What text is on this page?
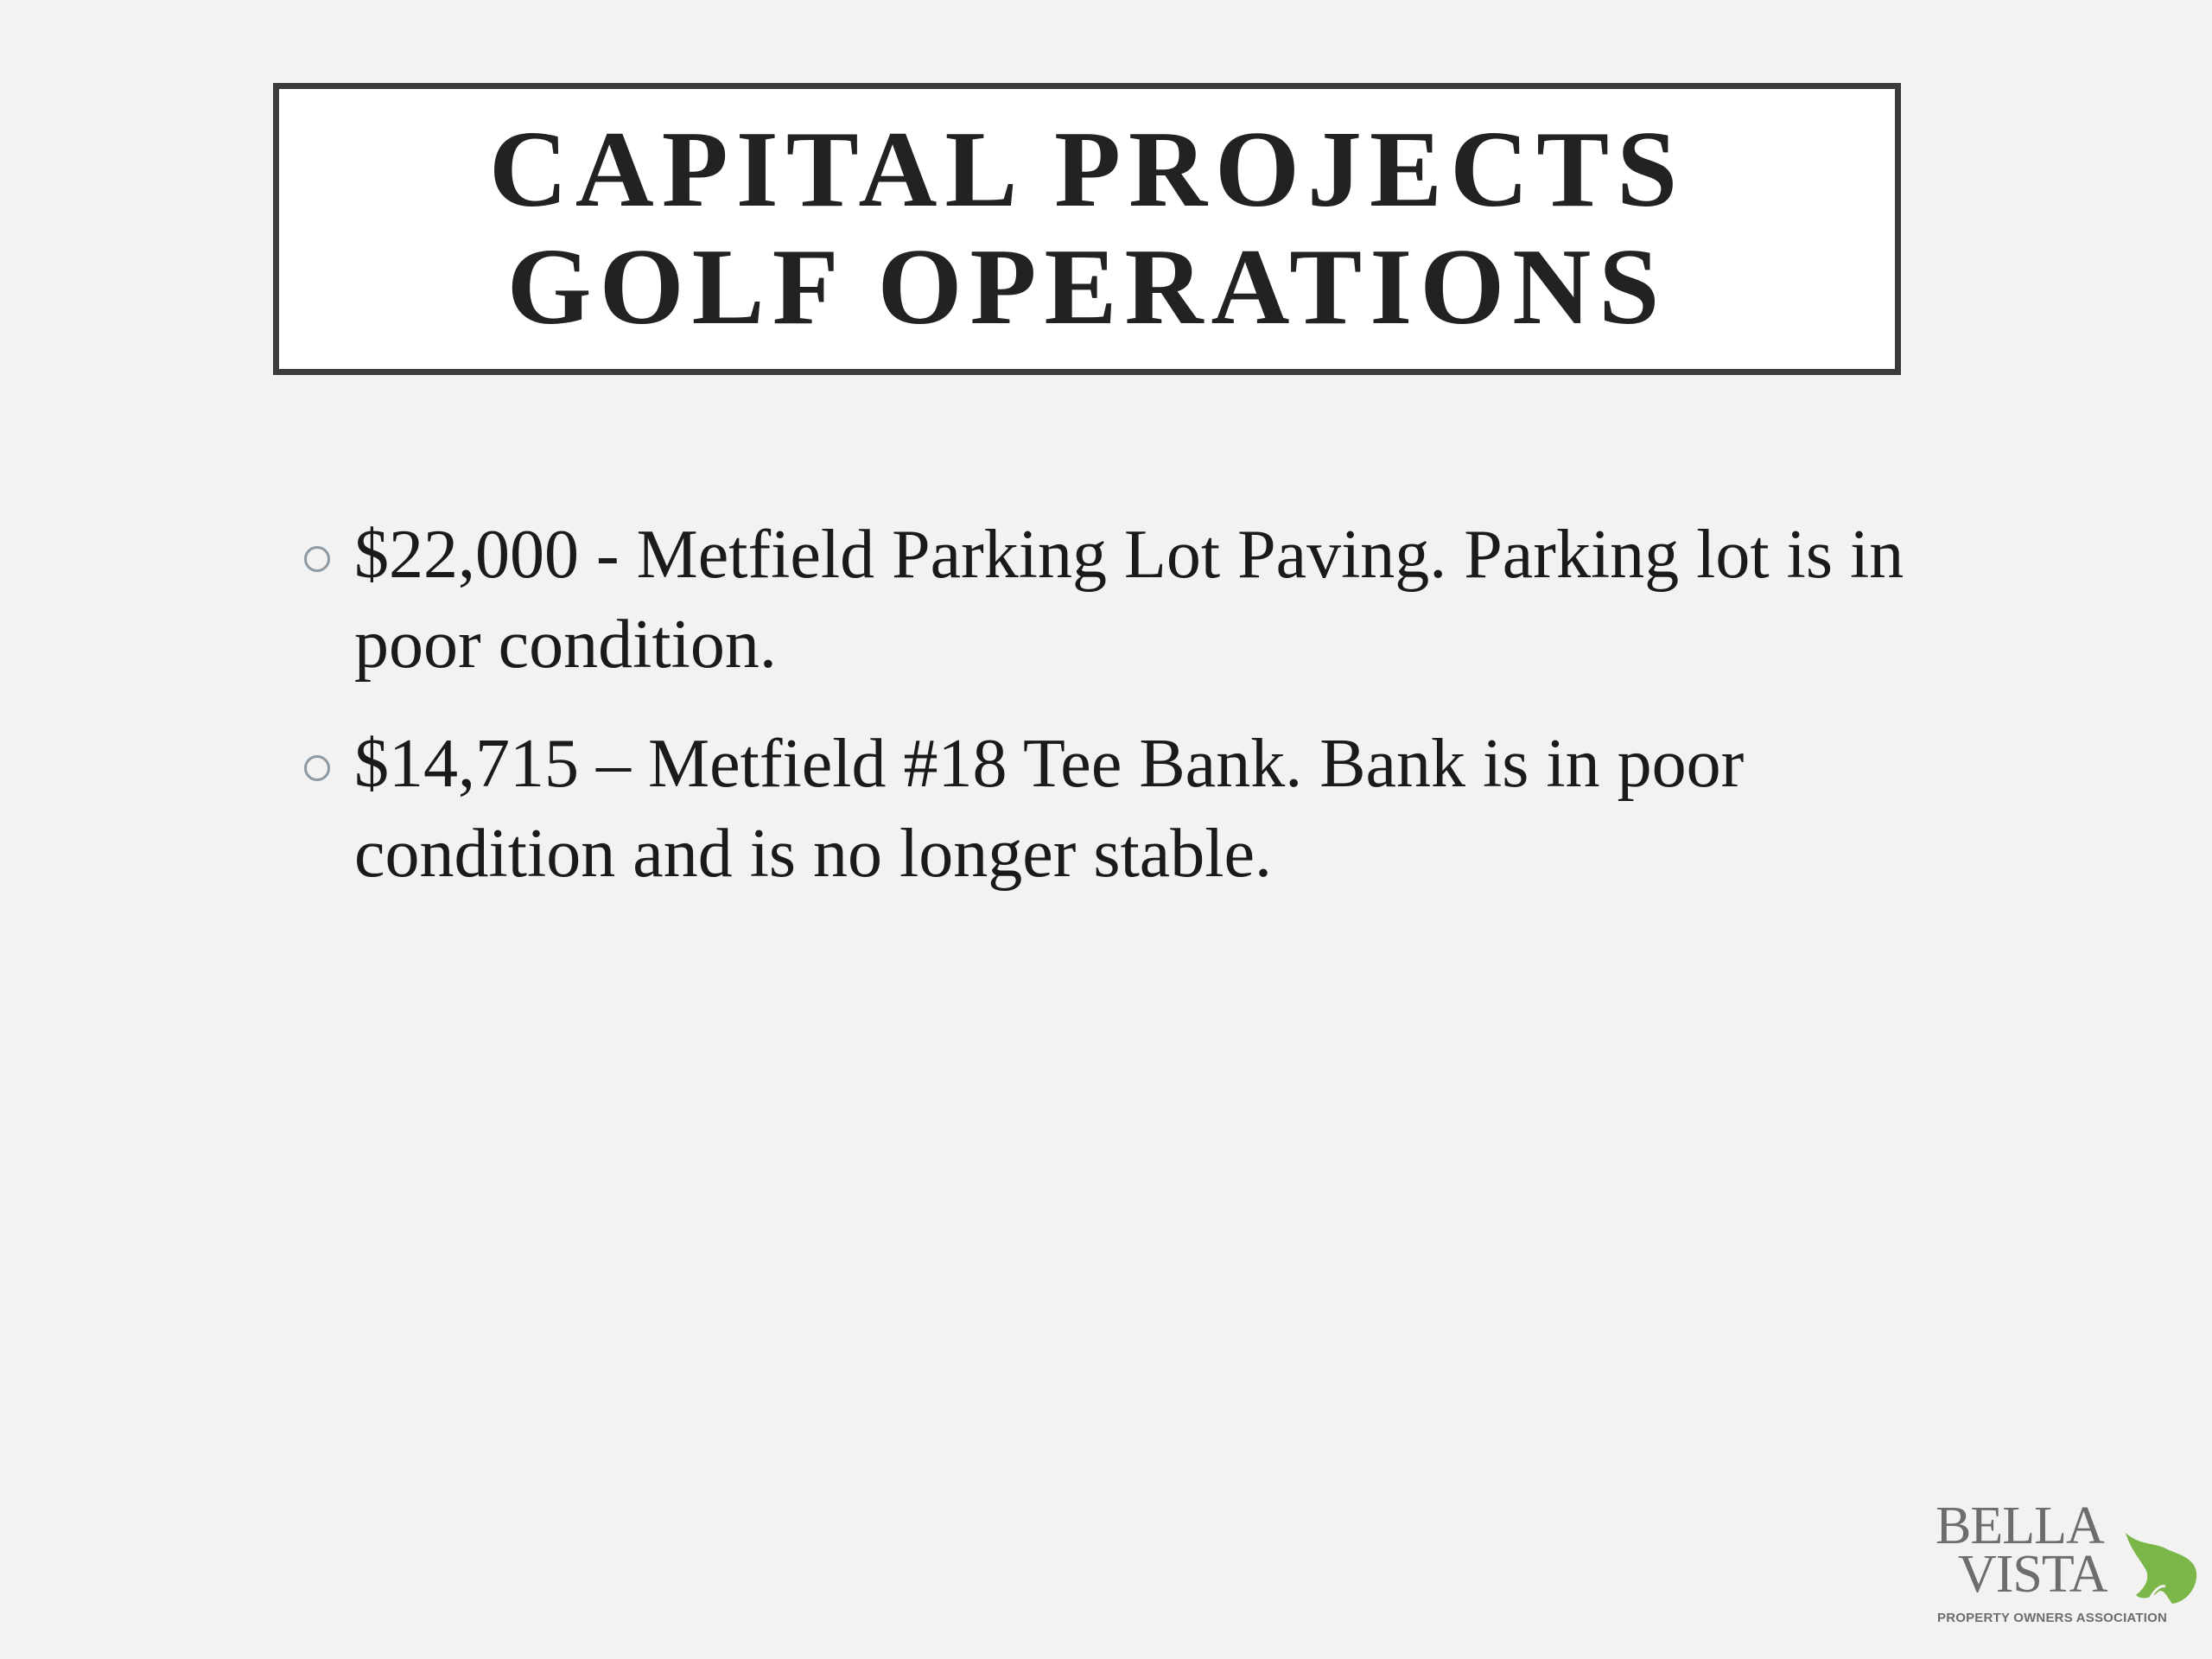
CAPITAL PROJECTS
GOLF OPERATIONS
$22,000 - Metfield Parking Lot Paving. Parking lot is in poor condition.
$14,715 – Metfield #18 Tee Bank. Bank is in poor condition and is no longer stable.
BELLA
VISTA
PROPERTY OWNERS ASSOCIATION
